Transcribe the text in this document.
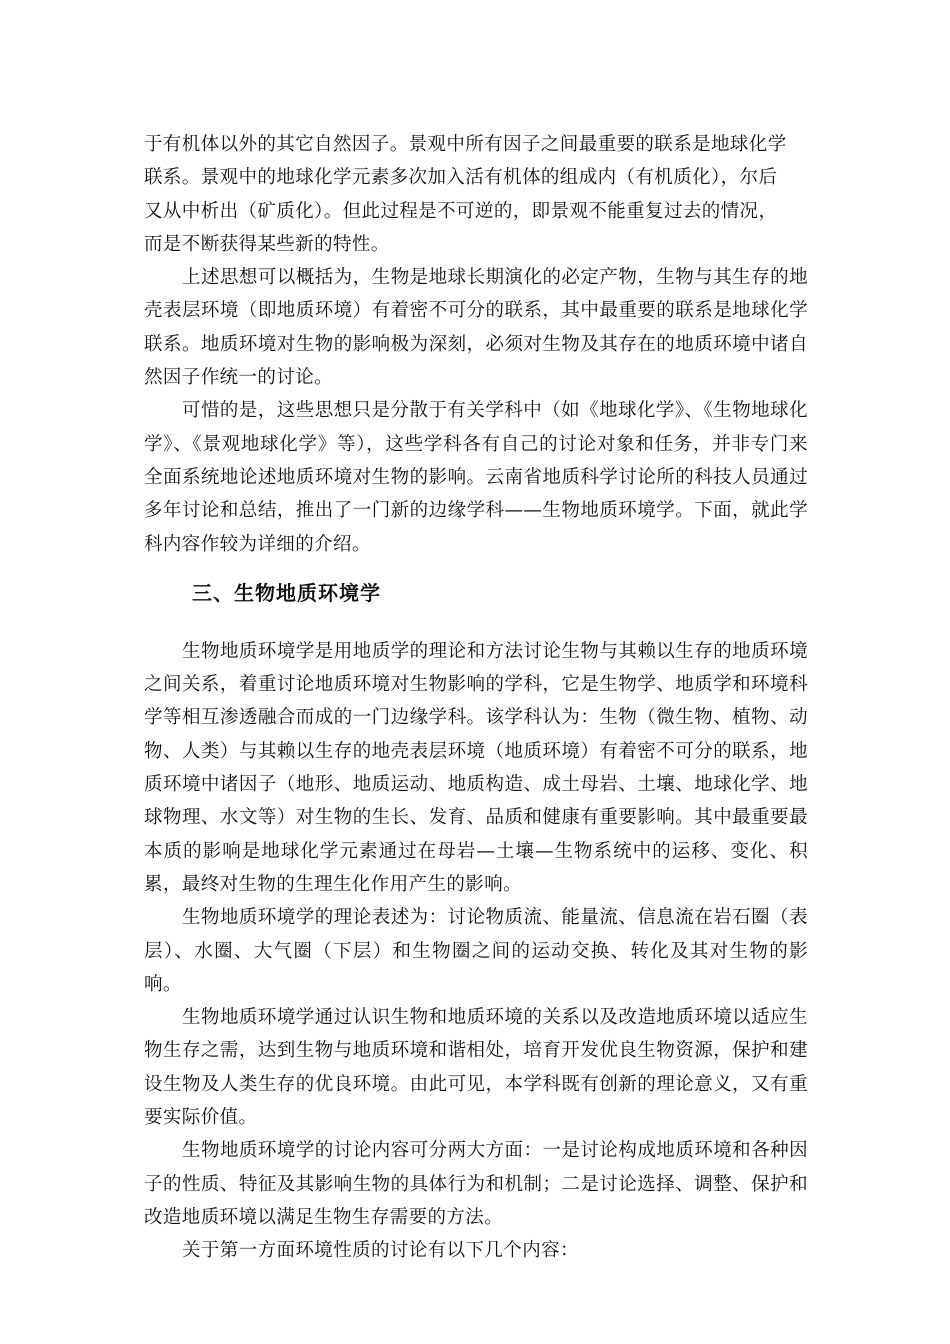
于有机体以外的其它自然因子。景观中所有因子之间最重要的联系是地球化学

联系。景观中的地球化学元素多次加入活有机体的组成内（有机质化），尔后

又从中析出（矿质化）。但此过程是不可逆的，即景观不能重复过去的情况，

而是不断获得某些新的特性。

上述思想可以概括为，生物是地球长期演化的必定产物，生物与其生存的地壳表层环境（即地质环境）有着密不可分的联系，其中最重要的联系是地球化学联系。地质环境对生物的影响极为深刻，必须对生物及其存在的地质环境中诸自然因子作统一的讨论。

可惜的是，这些思想只是分散于有关学科中（如《地球化学》、《生物地球化学》、《景观地球化学》等），这些学科各有自己的讨论对象和任务，并非专门来全面系统地论述地质环境对生物的影响。云南省地质科学讨论所的科技人员通过多年讨论和总结，推出了一门新的边缘学科——生物地质环境学。下面，就此学科内容作较为详细的介绍。

三、生物地质环境学

生物地质环境学是用地质学的理论和方法讨论生物与其赖以生存的地质环境之间关系，着重讨论地质环境对生物影响的学科，它是生物学、地质学和环境科学等相互渗透融合而成的一门边缘学科。该学科认为：生物（微生物、植物、动物、人类）与其赖以生存的地壳表层环境（地质环境）有着密不可分的联系，地质环境中诸因子（地形、地质运动、地质构造、成土母岩、土壤、地球化学、地球物理、水文等）对生物的生长、发育、品质和健康有重要影响。其中最重要最本质的影响是地球化学元素通过在母岩—土壤—生物系统中的运移、变化、积累，最终对生物的生理生化作用产生的影响。

生物地质环境学的理论表述为：讨论物质流、能量流、信息流在岩石圈（表层）、水圈、大气圈（下层）和生物圈之间的运动交换、转化及其对生物的影响。

生物地质环境学通过认识生物和地质环境的关系以及改造地质环境以适应生物生存之需，达到生物与地质环境和谐相处，培育开发优良生物资源，保护和建设生物及人类生存的优良环境。由此可见，本学科既有创新的理论意义，又有重要实际价值。

生物地质环境学的讨论内容可分两大方面：一是讨论构成地质环境和各种因子的性质、特征及其影响生物的具体行为和机制；二是讨论选择、调整、保护和改造地质环境以满足生物生存需要的方法。

关于第一方面环境性质的讨论有以下几个内容：
